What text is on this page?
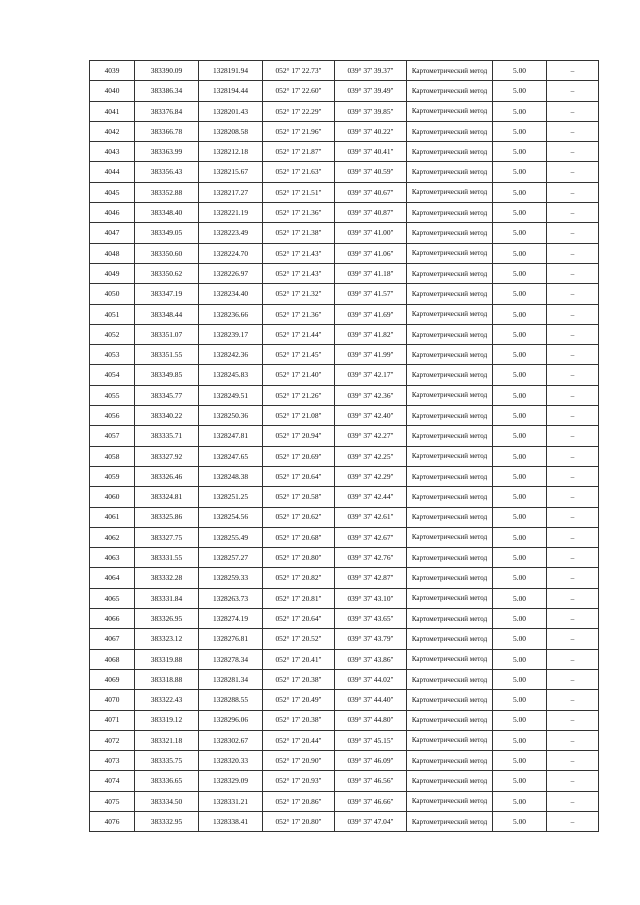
4039	383390.09	1328191.94	052° 17' 22.73"	039° 37' 39.37"	Картометрический метод	5.00	–
4040	383386.34	1328194.44	052° 17' 22.60"	039° 37' 39.49"	Картометрический метод	5.00	–
4041	383376.84	1328201.43	052° 17' 22.29"	039° 37' 39.85"	Картометрический метод	5.00	–
4042	383366.78	1328208.58	052° 17' 21.96"	039° 37' 40.22"	Картометрический метод	5.00	–
4043	383363.99	1328212.18	052° 17' 21.87"	039° 37' 40.41"	Картометрический метод	5.00	–
4044	383356.43	1328215.67	052° 17' 21.63"	039° 37' 40.59"	Картометрический метод	5.00	–
4045	383352.88	1328217.27	052° 17' 21.51"	039° 37' 40.67"	Картометрический метод	5.00	–
4046	383348.40	1328221.19	052° 17' 21.36"	039° 37' 40.87"	Картометрический метод	5.00	–
4047	383349.05	1328223.49	052° 17' 21.38"	039° 37' 41.00"	Картометрический метод	5.00	–
4048	383350.60	1328224.70	052° 17' 21.43"	039° 37' 41.06"	Картометрический метод	5.00	–
4049	383350.62	1328226.97	052° 17' 21.43"	039° 37' 41.18"	Картометрический метод	5.00	–
4050	383347.19	1328234.40	052° 17' 21.32"	039° 37' 41.57"	Картометрический метод	5.00	–
4051	383348.44	1328236.66	052° 17' 21.36"	039° 37' 41.69"	Картометрический метод	5.00	–
4052	383351.07	1328239.17	052° 17' 21.44"	039° 37' 41.82"	Картометрический метод	5.00	–
4053	383351.55	1328242.36	052° 17' 21.45"	039° 37' 41.99"	Картометрический метод	5.00	–
4054	383349.85	1328245.83	052° 17' 21.40"	039° 37' 42.17"	Картометрический метод	5.00	–
4055	383345.77	1328249.51	052° 17' 21.26"	039° 37' 42.36"	Картометрический метод	5.00	–
4056	383340.22	1328250.36	052° 17' 21.08"	039° 37' 42.40"	Картометрический метод	5.00	–
4057	383335.71	1328247.81	052° 17' 20.94"	039° 37' 42.27"	Картометрический метод	5.00	–
4058	383327.92	1328247.65	052° 17' 20.69"	039° 37' 42.25"	Картометрический метод	5.00	–
4059	383326.46	1328248.38	052° 17' 20.64"	039° 37' 42.29"	Картометрический метод	5.00	–
4060	383324.81	1328251.25	052° 17' 20.58"	039° 37' 42.44"	Картометрический метод	5.00	–
4061	383325.86	1328254.56	052° 17' 20.62"	039° 37' 42.61"	Картометрический метод	5.00	–
4062	383327.75	1328255.49	052° 17' 20.68"	039° 37' 42.67"	Картометрический метод	5.00	–
4063	383331.55	1328257.27	052° 17' 20.80"	039° 37' 42.76"	Картометрический метод	5.00	–
4064	383332.28	1328259.33	052° 17' 20.82"	039° 37' 42.87"	Картометрический метод	5.00	–
4065	383331.84	1328263.73	052° 17' 20.81"	039° 37' 43.10"	Картометрический метод	5.00	–
4066	383326.95	1328274.19	052° 17' 20.64"	039° 37' 43.65"	Картометрический метод	5.00	–
4067	383323.12	1328276.81	052° 17' 20.52"	039° 37' 43.79"	Картометрический метод	5.00	–
4068	383319.88	1328278.34	052° 17' 20.41"	039° 37' 43.86"	Картометрический метод	5.00	–
4069	383318.88	1328281.34	052° 17' 20.38"	039° 37' 44.02"	Картометрический метод	5.00	–
4070	383322.43	1328288.55	052° 17' 20.49"	039° 37' 44.40"	Картометрический метод	5.00	–
4071	383319.12	1328296.06	052° 17' 20.38"	039° 37' 44.80"	Картометрический метод	5.00	–
4072	383321.18	1328302.67	052° 17' 20.44"	039° 37' 45.15"	Картометрический метод	5.00	–
4073	383335.75	1328320.33	052° 17' 20.90"	039° 37' 46.09"	Картометрический метод	5.00	–
4074	383336.65	1328329.09	052° 17' 20.93"	039° 37' 46.56"	Картометрический метод	5.00	–
4075	383334.50	1328331.21	052° 17' 20.86"	039° 37' 46.66"	Картометрический метод	5.00	–
4076	383332.95	1328338.41	052° 17' 20.80"	039° 37' 47.04"	Картометрический метод	5.00	–
